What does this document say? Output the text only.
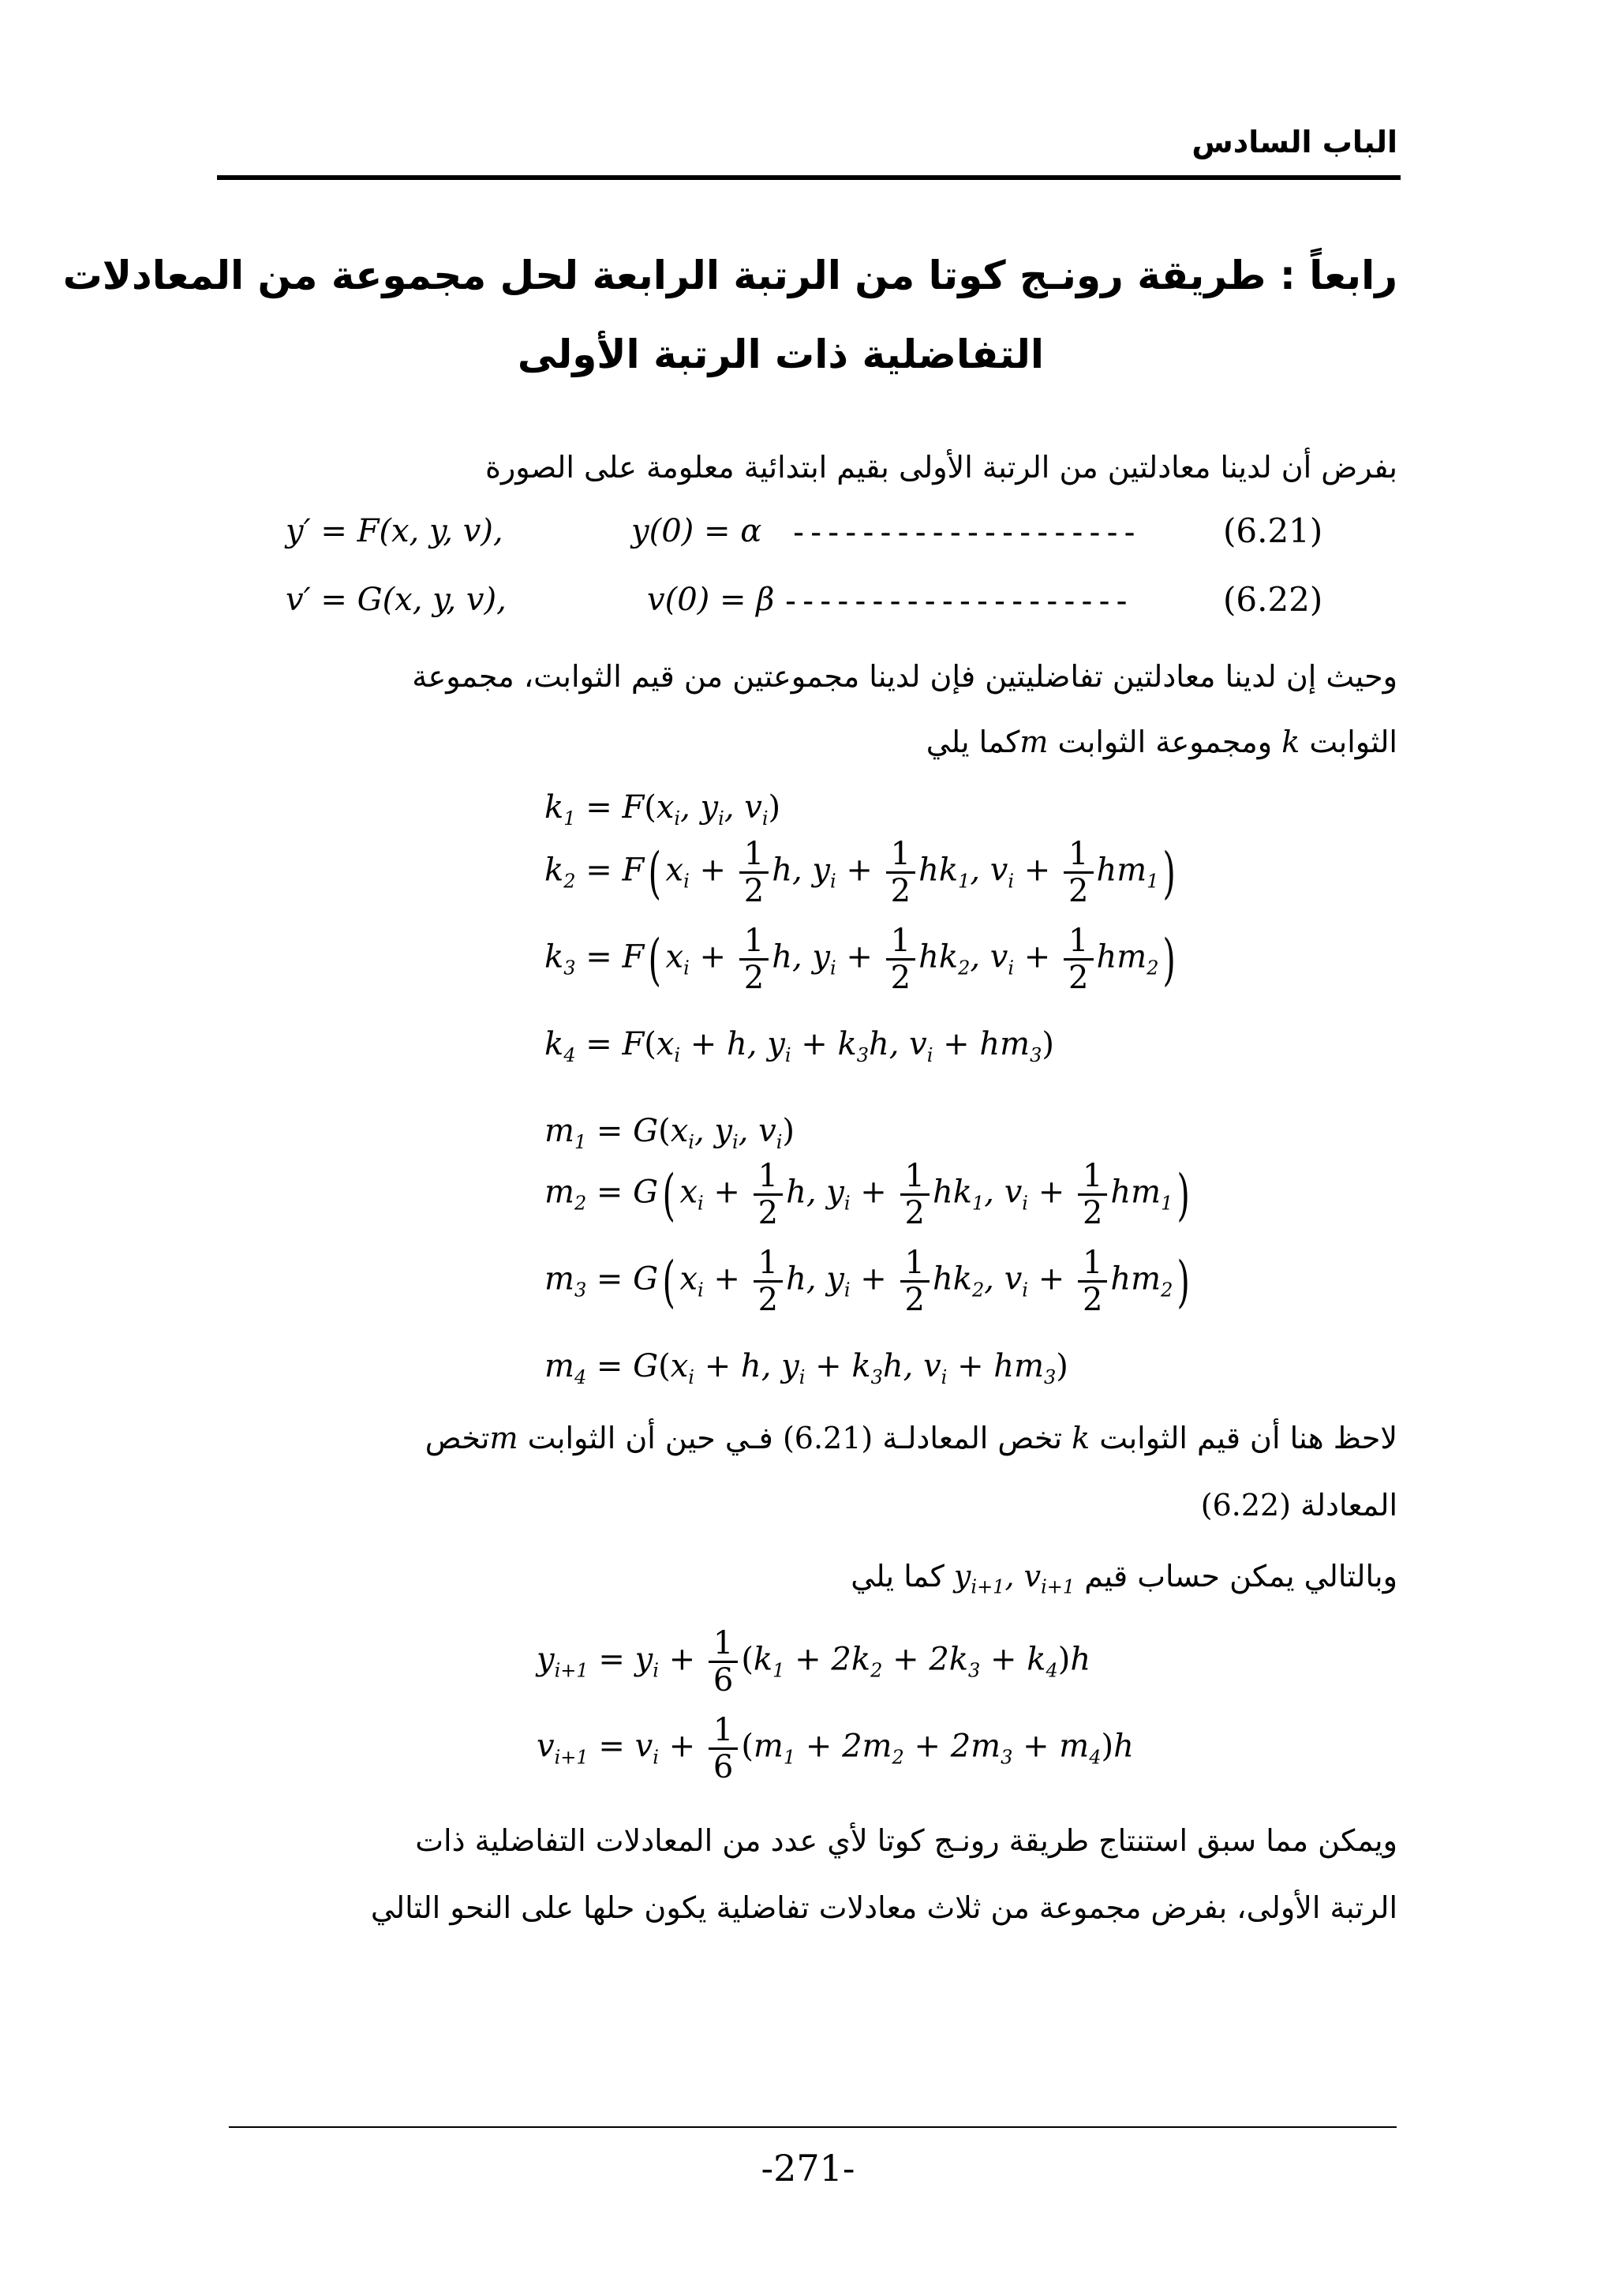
الباب السادس
رابعاً : طريقة رونـج كوتا من الرتبة الرابعة لحل مجموعة من المعادلات
التفاضلية ذات الرتبة الأولى
بفرض أن لدينا معادلتين من الرتبة الأولى بقيم ابتدائية معلومة على الصورة
y′ = F(x, y, v),	y(0) = α --------------------	(6.21)
v′ = G(x, y, v),	v(0) = β --------------------	(6.22)
وحيث إن لدينا معادلتين تفاضليتين فإن لدينا مجموعتين من قيم الثوابت، مجموعة
الثوابت k ومجموعة الثوابت mكما يلي
$k_1 = F(x_i$, $y_i$, $v_i$)
$k_2 = F$( $x_i + \frac{1}{2} h$, $y_i + \frac{1}{2} hk_1$, $v_i + \frac{1}{2} hm_1$)
$k_3 = F$( $x_i + \frac{1}{2} h$, $y_i + \frac{1}{2} hk_2$, $v_i + \frac{1}{2} hm_2$)
$k_4 = F(x_i + h$, $y_i + k_3h$, $v_i + hm_3$)
$m_1 = G(x_i$, $y_i$, $v_i$)
$m_2 = G$( $x_i + \frac{1}{2} h$, $y_i + \frac{1}{2} hk_1$, $v_i + \frac{1}{2} hm_1$)
$m_3 = G$( $x_i + \frac{1}{2} h$, $y_i + \frac{1}{2} hk_2$, $v_i + \frac{1}{2} hm_2$)
$m_4 = G(x_i + h$, $y_i + k_3h$, $v_i + hm_3$)
لاحظ هنا أن قيم الثوابت k تخص المعادلـة (6.21) فـي حين أن الثوابت mتخص
المعادلة (6.22)
وبالتالي يمكن حساب قيم $y_{i+1}$, $v_{i+1}$ كما يلي
$y_{i+1} = y_i + \frac{1}{6} (k_1 + 2k_2 + 2k_3 + k_4)h$
$v_{i+1} = v_i + \frac{1}{6} (m_1 + 2m_2 + 2m_3 + m_4)h$
ويمكن مما سبق استنتاج طريقة رونـج كوتا لأي عدد من المعادلات التفاضلية ذات
الرتبة الأولى، بفرض مجموعة من ثلاث معادلات تفاضلية يكون حلها على النحو التالي
-271-
